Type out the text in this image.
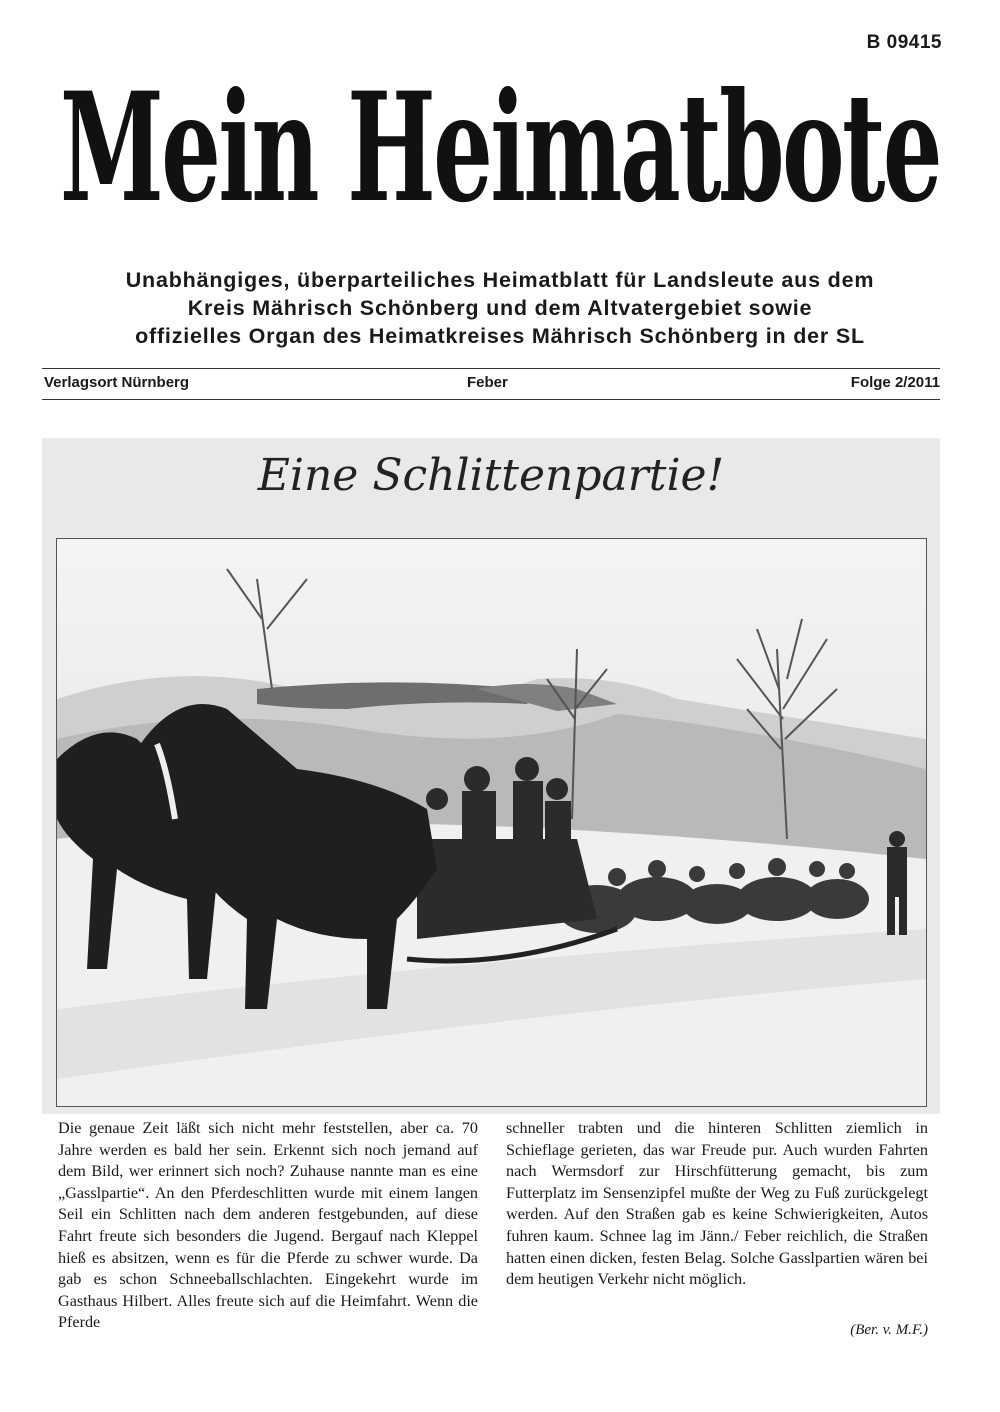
B 09415
Mein Heimatbote
Unabhängiges, überparteiliches Heimatblatt für Landsleute aus dem
Kreis Mährisch Schönberg und dem Altvatergebiet sowie
offizielles Organ des Heimatkreises Mährisch Schönberg in der SL
Verlagsort Nürnberg	Feber	Folge 2/2011
Eine Schlittenpartie!
Die genaue Zeit läßt sich nicht mehr feststellen, aber ca. 70 Jahre werden es bald her sein. Erkennt sich noch jemand auf dem Bild, wer erinnert sich noch? Zuhause nannte man es eine „Gasslpartie“. An den Pferdeschlitten wurde mit einem langen Seil ein Schlitten nach dem anderen festgebunden, auf diese Fahrt freute sich besonders die Jugend. Bergauf nach Kleppel hieß es absitzen, wenn es für die Pferde zu schwer wurde. Da gab es schon Schneeballschlachten. Eingekehrt wurde im Gasthaus Hilbert. Alles freute sich auf die Heimfahrt. Wenn die Pferde
schneller trabten und die hinteren Schlitten ziemlich in Schieflage gerieten, das war Freude pur. Auch wurden Fahrten nach Wermsdorf zur Hirschfütterung gemacht, bis zum Futterplatz im Sensenzipfel mußte der Weg zu Fuß zurückgelegt werden. Auf den Straßen gab es keine Schwierigkeiten, Autos fuhren kaum. Schnee lag im Jänn./ Feber reichlich, die Straßen hatten einen dicken, festen Belag. Solche Gasslpartien wären bei dem heutigen Verkehr nicht möglich.
(Ber. v. M.F.)
